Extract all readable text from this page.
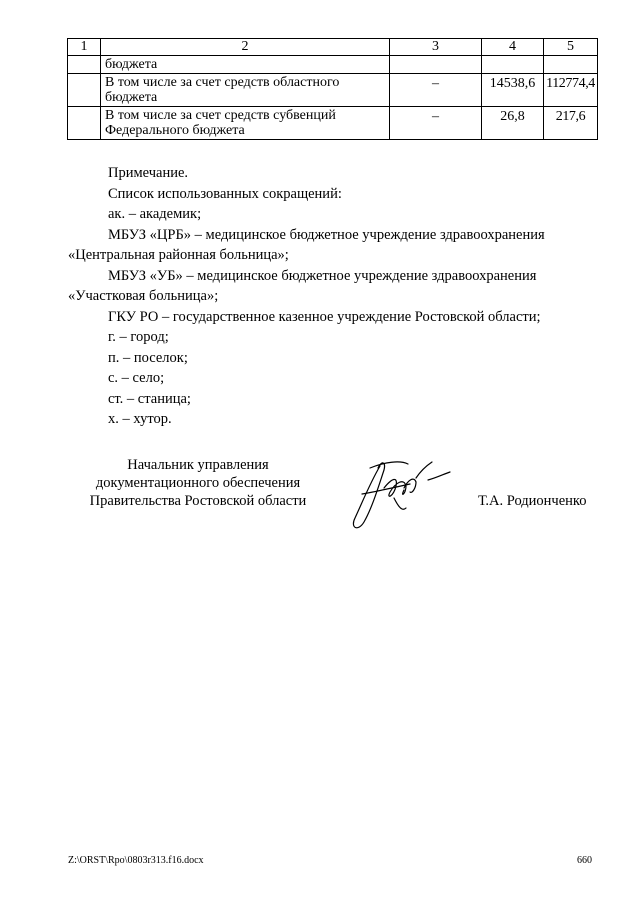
1	2	3	4	5
	бюджета			
	В том числе за счет средств областного бюджета	–	14538,6	112774,4
	В том числе за счет средств субвенций Федерального бюджета	–	26,8	217,6

Примечание.

Список использованных сокращений:

ак. – академик;

МБУЗ «ЦРБ» – медицинское бюджетное учреждение здравоохранения

«Центральная районная больница»;

МБУЗ «УБ» – медицинское бюджетное учреждение здравоохранения

«Участковая больница»;

ГКУ РО – государственное казенное учреждение Ростовской области;

г. – город;

п. – поселок;

с. – село;

ст. – станица;

х. – хутор.

Начальник управления
документационного обеспечения
Правительства Ростовской области	Т.А. Родионченко
Z:\ORST\Rpo\0803r313.f16.docx	660
